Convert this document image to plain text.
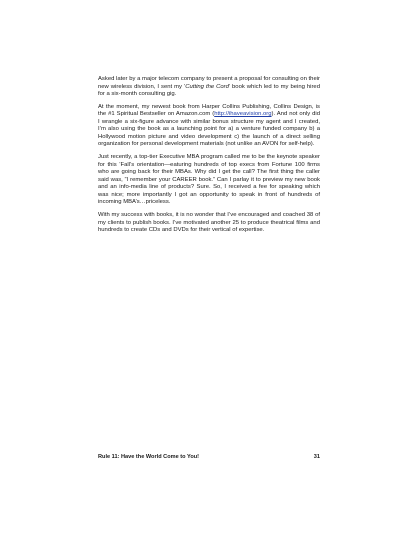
Asked later by a major telecom company to present a proposal for consulting on their new wireless division, I sent my ‘Cutting the Cord’ book which led to my being hired for a six-month consulting gig.

At the moment, my newest book from Harper Collins Publishing, Collins Design, is the #1 Spiritual Bestseller on Amazon.com (http://ihaveavision.org). And not only did I wrangle a six-figure advance with similar bonus structure my agent and I created, I’m also using the book as a launching point for a) a venture funded company b) a Hollywood motion picture and video development c) the launch of a direct selling organization for personal development materials (not unlike an AVON for self-help).

Just recently, a top-tier Executive MBA program called me to be the keynote speaker for this ‘Fall’s orientation—eaturing hundreds of top execs from Fortune 100 firms who are going back for their MBAs. Why did I get the call? The first thing the caller said was, “I remember your CAREER book.” Can I parlay it to preview my new book and an info-media line of products? Sure. So, I received a fee for speaking which was nice; more importantly I got an opportunity to speak in front of hundreds of incoming MBA’s…priceless.

With my success with books, it is no wonder that I’ve encouraged and coached 38 of my clients to publish books. I’ve motivated another 25 to produce theatrical films and hundreds to create CDs and DVDs for their vertical of expertise.

Rule 11: Have the World Come to You!	31
